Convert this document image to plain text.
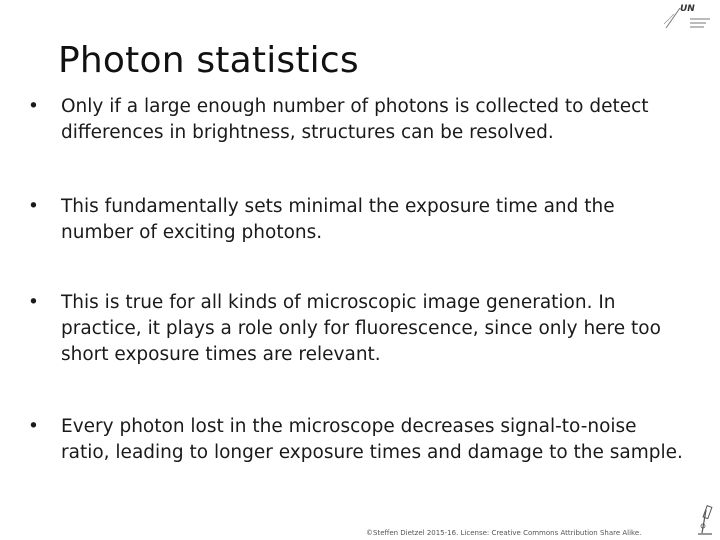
UN
Photon statistics
•	Only if a large enough number of photons is collected to detect differences in brightness, structures can be resolved.
•	This fundamentally sets minimal the exposure time and the number of exciting photons.
•	This is true for all kinds of microscopic image generation. In practice, it plays a role only for fluorescence, since only here too short exposure times are relevant.
•	Every photon lost in the microscope decreases signal-to-noise ratio, leading to longer exposure times and damage to the sample.
©Steffen Dietzel 2015-16. License: Creative Commons Attribution Share Alike.
